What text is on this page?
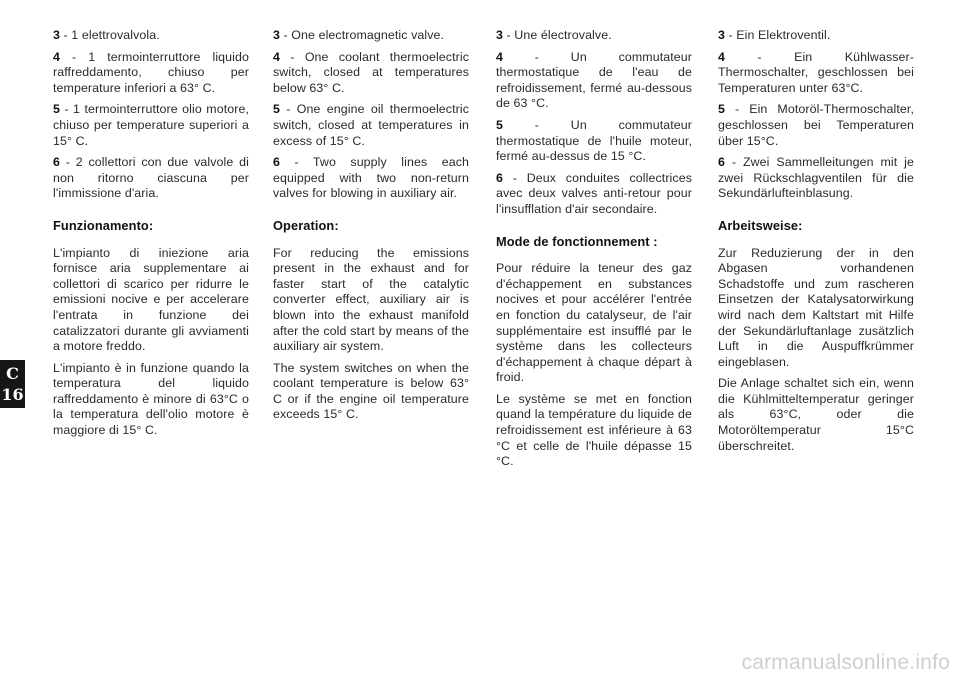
3 - 1 elettrovalvola.

4 - 1 termointerruttore liquido raffreddamento, chiuso per temperature inferiori a 63° C.

5 - 1 termointerruttore olio motore, chiuso per temperature superiori a 15° C.

6 - 2 collettori con due valvole di non ritorno ciascuna per l'immissione d'aria.

Funzionamento:

L'impianto di iniezione aria fornisce aria supplementare ai collettori di scarico per ridurre le emissioni nocive e per accelerare l'entrata in funzione dei catalizzatori durante gli avviamenti a motore freddo.

L'impianto è in funzione quando la temperatura del liquido raffreddamento è minore di 63°C o la temperatura dell'olio motore è maggiore di 15° C.

3 - One electromagnetic valve.

4 - One coolant thermoelectric switch, closed at temperatures below 63° C.

5 - One engine oil thermoelectric switch, closed at temperatures in excess of 15° C.

6 - Two supply lines each equipped with two non-return valves for blowing in auxiliary air.

Operation:

For reducing the emissions present in the exhaust and for faster start of the catalytic converter effect, auxiliary air is blown into the exhaust manifold after the cold start by means of the auxiliary air system.

The system switches on when the coolant temperature is below 63° C or if the engine oil temperature exceeds 15° C.

3 - Une électrovalve.

4 - Un commutateur thermostatique de l'eau de refroidissement, fermé au-dessous de 63 °C.

5 - Un commutateur thermostatique de l'huile moteur, fermé au-dessus de 15 °C.

6 - Deux conduites collectrices avec deux valves anti-retour pour l'insufflation d'air secondaire.

Mode de fonctionnement :

Pour réduire la teneur des gaz d'échappement en substances nocives et pour accélérer l'entrée en fonction du catalyseur, de l'air supplémentaire est insufflé par le système dans les collecteurs d'échappement à chaque départ à froid.

Le système se met en fonction quand la température du liquide de refroidissement est inférieure à 63 °C et celle de l'huile dépasse 15 °C.

3 - Ein Elektroventil.

4 - Ein Kühlwasser-Thermoschalter, geschlossen bei Temperaturen unter 63°C.

5 - Ein Motoröl-Thermoschalter, geschlossen bei Temperaturen über 15°C.

6 - Zwei Sammelleitungen mit je zwei Rückschlagventilen für die Sekundärlufteinblasung.

Arbeitsweise:

Zur Reduzierung der in den Abgasen vorhandenen Schadstoffe und zum rascheren Einsetzen der Katalysatorwirkung wird nach dem Kaltstart mit Hilfe der Sekundärluftanlage zusätzlich Luft in die Auspuffkrümmer eingeblasen.

Die Anlage schaltet sich ein, wenn die Kühlmitteltemperatur geringer als 63°C, oder die Motoröltemperatur 15°C überschreitet.

C
16
carmanualsonline.info
